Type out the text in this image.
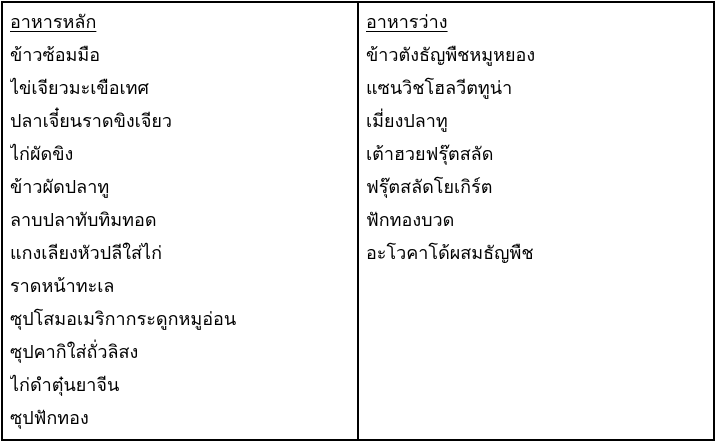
อาหารหลัก
ข้าวซ้อมมือ
ไข่เจียวมะเขือเทศ
ปลาเจี๋ยนราดขิงเจียว
ไก่ผัดขิง
ข้าวผัดปลาทู
ลาบปลาทับทิมทอด
แกงเลียงหัวปลีใส่ไก่
ราดหน้าทะเล
ซุปโสมอเมริกากระดูกหมูอ่อน
ซุปคากิใส่ถั่วลิสง
ไก่ดำตุ๋นยาจีน
ซุปฟักทอง

อาหารว่าง
ข้าวตังธัญพืชหมูหยอง
แซนวิชโฮลวีตทูน่า
เมี่ยงปลาทู
เต้าฮวยฟรุ๊ตสลัด
ฟรุ๊ตสลัดโยเกิร์ต
ฟักทองบวด
อะโวคาโด้ผสมธัญพืช
